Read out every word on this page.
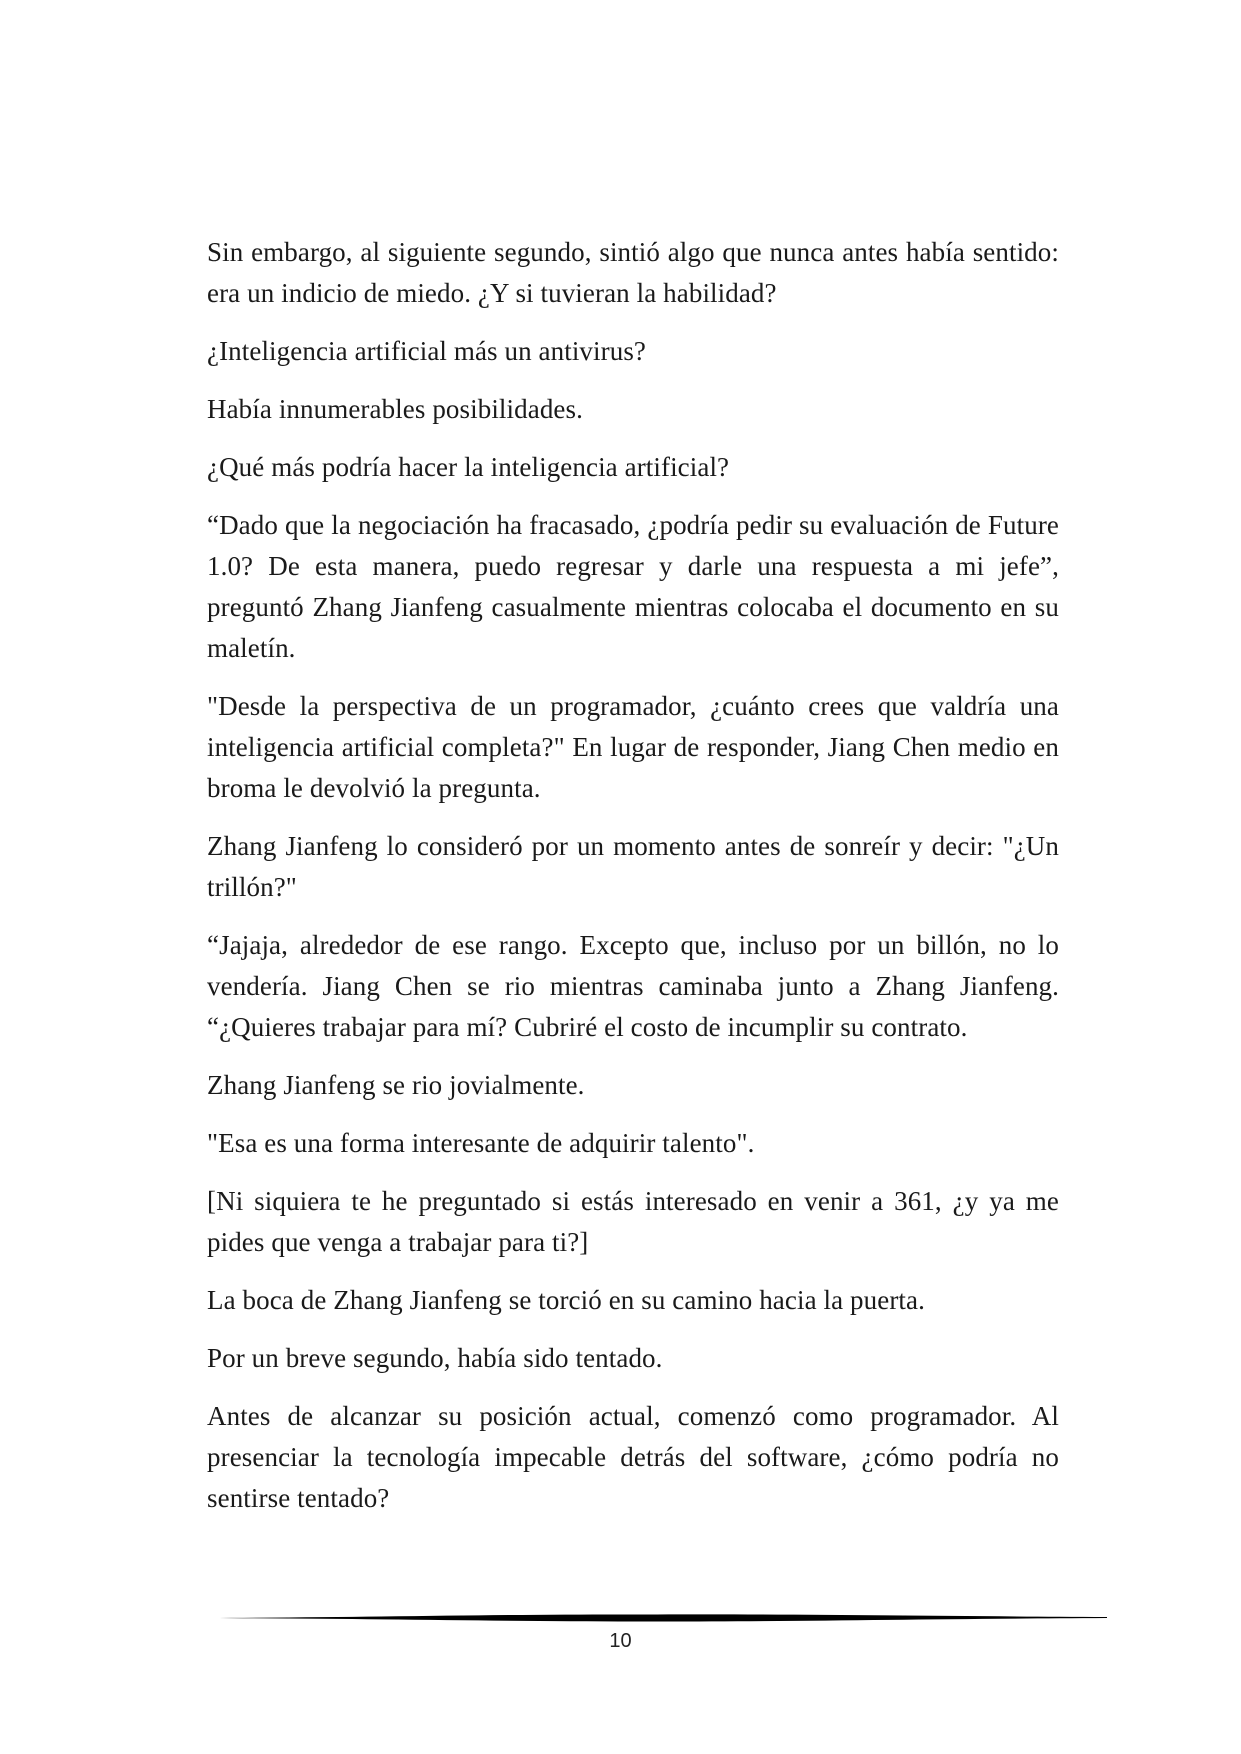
Sin embargo, al siguiente segundo, sintió algo que nunca antes había sentido: era un indicio de miedo. ¿Y si tuvieran la habilidad?

¿Inteligencia artificial más un antivirus?

Había innumerables posibilidades.

¿Qué más podría hacer la inteligencia artificial?

“Dado que la negociación ha fracasado, ¿podría pedir su evaluación de Future 1.0? De esta manera, puedo regresar y darle una respuesta a mi jefe”, preguntó Zhang Jianfeng casualmente mientras colocaba el documento en su maletín.

"Desde la perspectiva de un programador, ¿cuánto crees que valdría una inteligencia artificial completa?" En lugar de responder, Jiang Chen medio en broma le devolvió la pregunta.

Zhang Jianfeng lo consideró por un momento antes de sonreír y decir: "¿Un trillón?"

“Jajaja, alrededor de ese rango. Excepto que, incluso por un billón, no lo vendería. Jiang Chen se rio mientras caminaba junto a Zhang Jianfeng. “¿Quieres trabajar para mí? Cubriré el costo de incumplir su contrato.

Zhang Jianfeng se rio jovialmente.

"Esa es una forma interesante de adquirir talento".

[Ni siquiera te he preguntado si estás interesado en venir a 361, ¿y ya me pides que venga a trabajar para ti?]

La boca de Zhang Jianfeng se torció en su camino hacia la puerta.

Por un breve segundo, había sido tentado.

Antes de alcanzar su posición actual, comenzó como programador. Al presenciar la tecnología impecable detrás del software, ¿cómo podría no sentirse tentado?

10
